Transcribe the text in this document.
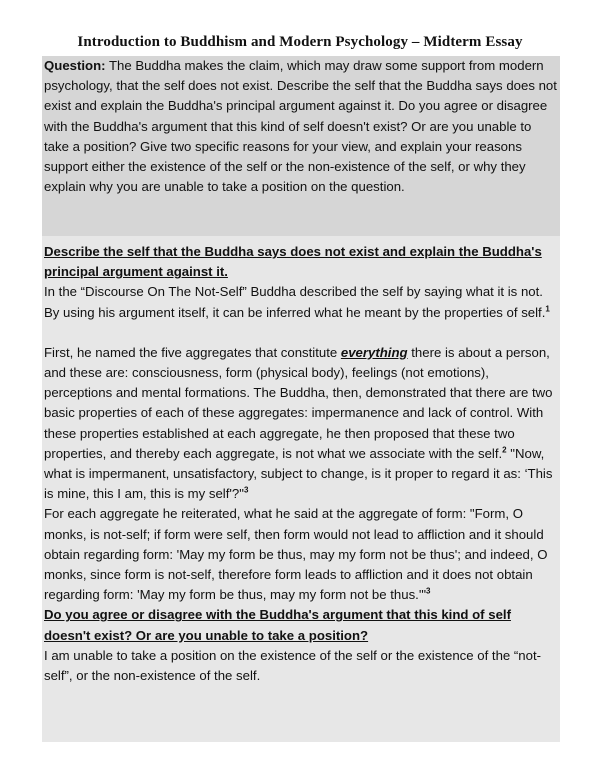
Introduction to Buddhism and Modern Psychology – Midterm Essay

Question: The Buddha makes the claim, which may draw some support from modern psychology, that the self does not exist. Describe the self that the Buddha says does not exist and explain the Buddha's principal argument against it. Do you agree or disagree with the Buddha's argument that this kind of self doesn't exist? Or are you unable to take a position? Give two specific reasons for your view, and explain your reasons support either the existence of the self or the non-existence of the self, or why they explain why you are unable to take a position on the question.

Describe the self that the Buddha says does not exist and explain the Buddha's principal argument against it.

In the “Discourse On The Not-Self” Buddha described the self by saying what it is not. By using his argument itself, it can be inferred what he meant by the properties of self.$^1$

First, he named the five aggregates that constitute everything there is about a person, and these are: consciousness, form (physical body), feelings (not emotions), perceptions and mental formations. The Buddha, then, demonstrated that there are two basic properties of each of these aggregates: impermanence and lack of control. With these properties established at each aggregate, he then proposed that these two properties, and thereby each aggregate, is not what we associate with the self.$^2$ "Now, what is impermanent, unsatisfactory, subject to change, is it proper to regard it as: ‘This is mine, this I am, this is my self'?"$^3$

For each aggregate he reiterated, what he said at the aggregate of form: "Form, O monks, is not-self; if form were self, then form would not lead to affliction and it should obtain regarding form: 'May my form be thus, may my form not be thus'; and indeed, O monks, since form is not-self, therefore form leads to affliction and it does not obtain regarding form: 'May my form be thus, may my form not be thus.'"$^3$

Do you agree or disagree with the Buddha's argument that this kind of self doesn't exist? Or are you unable to take a position?

I am unable to take a position on the existence of the self or the existence of the “not-self”, or the non-existence of the self.
